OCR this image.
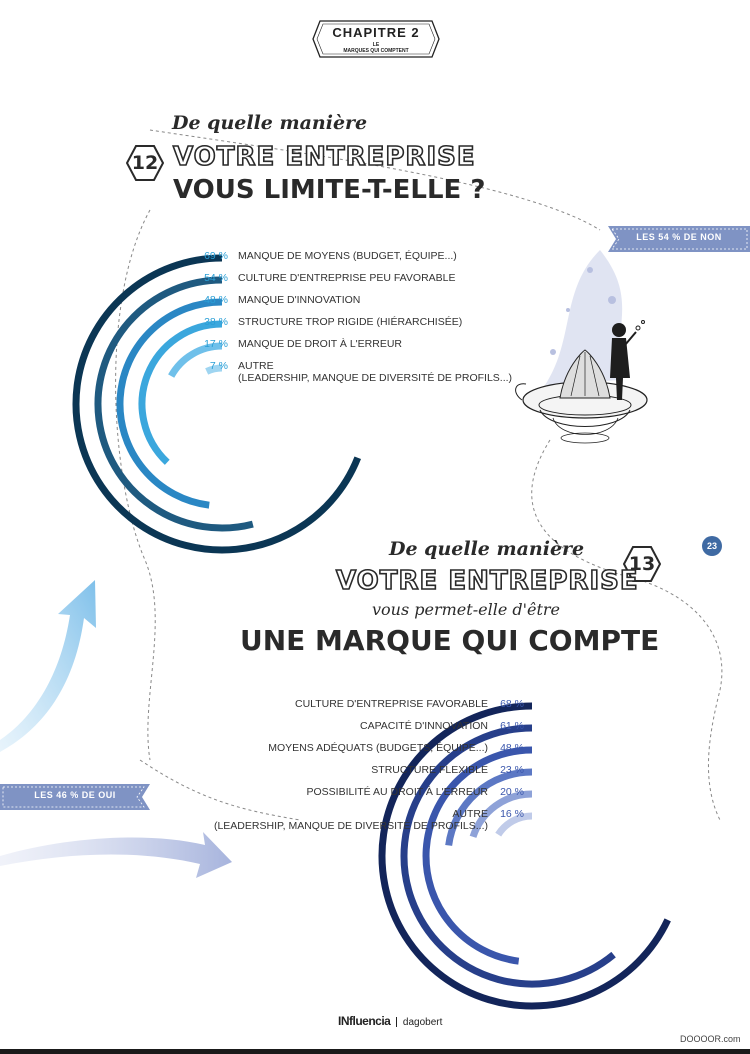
CHAPITRE 2
LE
MARQUES QUI COMPTENT
De quelle manière
12 VOTRE ENTREPRISE
VOUS LIMITE-T-ELLE ?
69 % MANQUE DE MOYENS (BUDGET, ÉQUIPE...)
54 % CULTURE D'ENTREPRISE PEU FAVORABLE
48 % MANQUE D'INNOVATION
38 % STRUCTURE TROP RIGIDE (HIÉRARCHISÉE)
17 % MANQUE DE DROIT À L'ERREUR
7 % AUTRE
(LEADERSHIP, MANQUE DE DIVERSITÉ DE PROFILS...)
LES 54 % DE NON
23
De quelle manière
13
VOTRE ENTREPRISE
vous permet-elle d'être
UNE MARQUE QUI COMPTE
CULTURE D'ENTREPRISE FAVORABLE 68 %
CAPACITÉ D'INNOVATION 61 %
MOYENS ADÉQUATS (BUDGETS, ÉQUIPE...) 48 %
STRUCTURE FLEXIBLE 23 %
POSSIBILITÉ AU DROIT À L'ERREUR 20 %
AUTRE
(LEADERSHIP, MANQUE DE DIVERSITÉ DE PROFILS...)
16 %
LES 46 % DE OUI
INfluencia dagobert
DOOOOR.com
